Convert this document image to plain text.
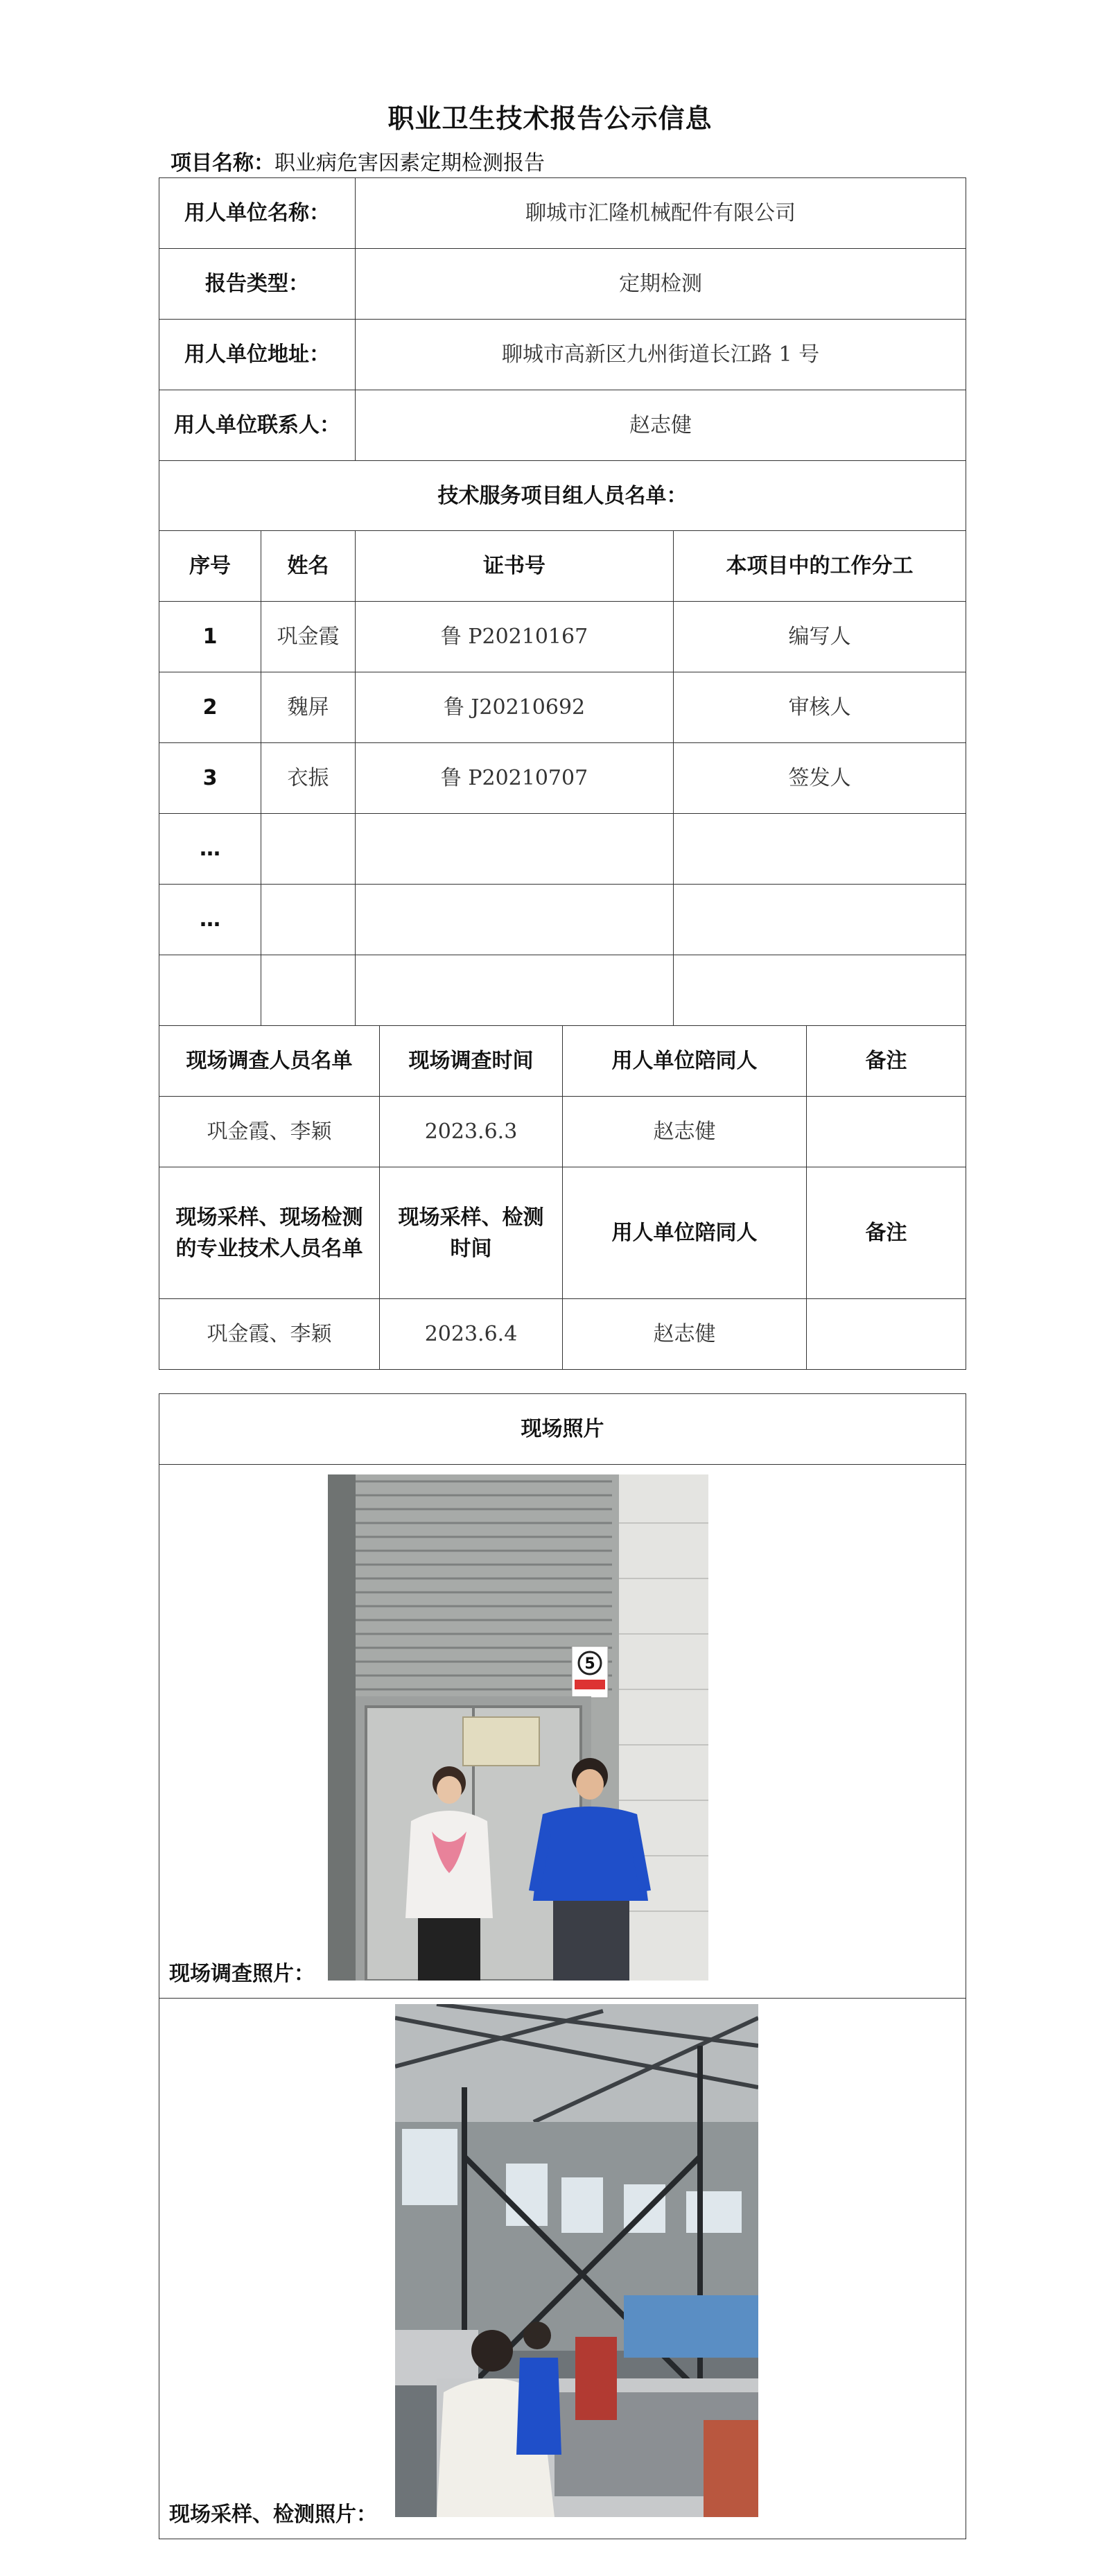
职业卫生技术报告公示信息
项目名称：职业病危害因素定期检测报告
用人单位名称：		聊城市汇隆机械配件有限公司	
报告类型：		定期检测	
用人单位地址：		聊城市高新区九州街道长江路 1 号	
用人单位联系人：		赵志健	
技术服务项目组人员名单：			
序号	姓名	证书号	本项目中的工作分工
1	巩金霞	鲁 P20210167	编写人
2	魏屏	鲁 J20210692	审核人
3	衣振	鲁 P20210707	签发人
…			
…			

现场调查人员名单	现场调查时间	用人单位陪同人	备注
巩金霞、李颖	2023.6.3	赵志健	
现场采样、现场检测的专业技术人员名单	现场采样、检测时间	用人单位陪同人	备注
巩金霞、李颖	2023.6.4	赵志健	
现场照片

5
现场调查照片：

现场采样、检测照片：
